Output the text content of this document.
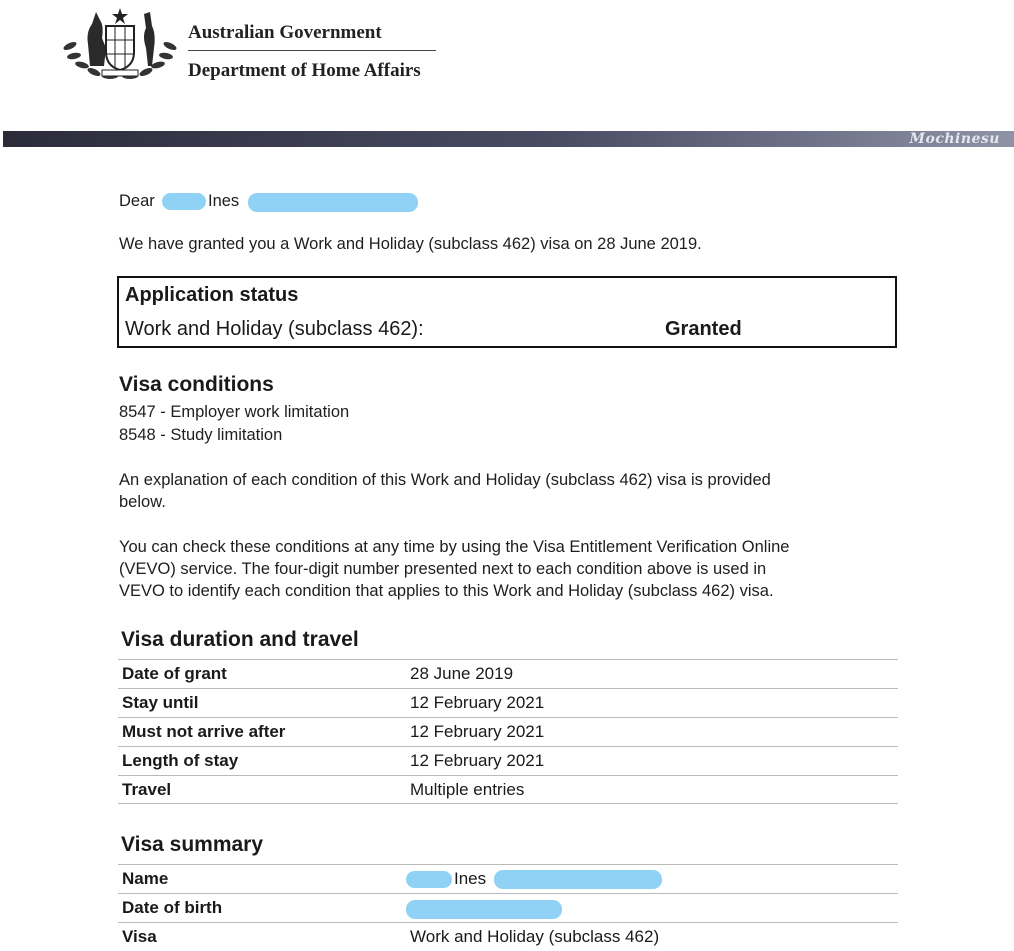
Australian Government
Department of Home Affairs
Mochinesu
Dear	Ines
We have granted you a Work and Holiday (subclass 462) visa on 28 June 2019.
Application status
Work and Holiday (subclass 462):	Granted
Visa conditions
8547 - Employer work limitation
8548 - Study limitation
An explanation of each condition of this Work and Holiday (subclass 462) visa is provided
below.
You can check these conditions at any time by using the Visa Entitlement Verification Online
(VEVO) service. The four-digit number presented next to each condition above is used in
VEVO to identify each condition that applies to this Work and Holiday (subclass 462) visa.
Visa duration and travel
Date of grant	28 June 2019
Stay until	12 February 2021
Must not arrive after	12 February 2021
Length of stay	12 February 2021
Travel	Multiple entries
Visa summary
Name	Ines
Date of birth
Visa	Work and Holiday (subclass 462)
